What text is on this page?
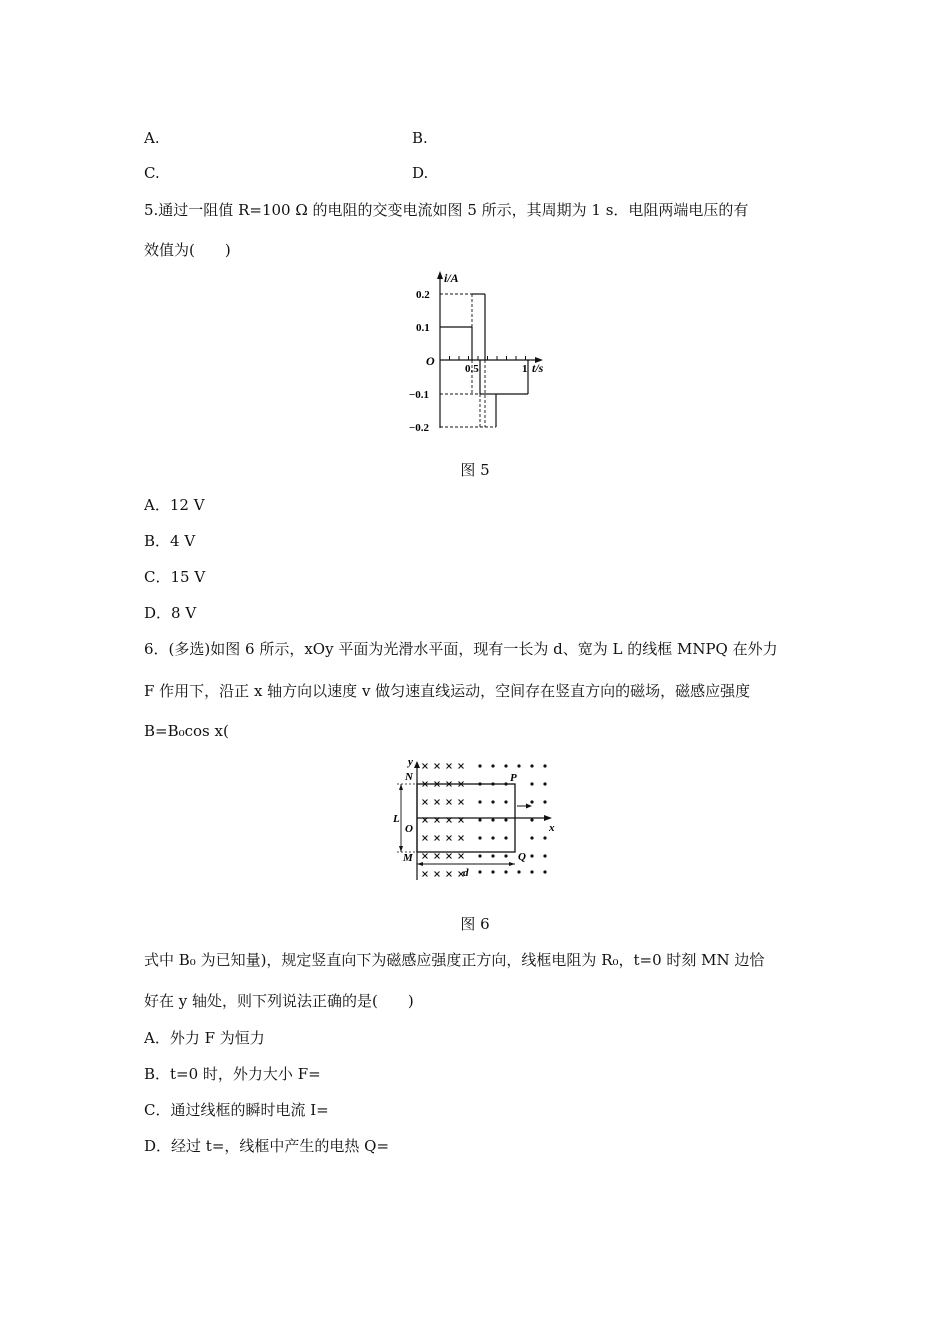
A.	B.
C.	D.
5.通过一阻值 R=100 Ω 的电阻的交变电流如图 5 所示，其周期为 1 s．电阻两端电压的有
效值为(　　)
i/A
t/s
O
0.2
0.1
−0.1
−0.2
0.5	1
图 5
A．12 V
B．4 V
C．15 V
D．8 V
6．(多选)如图 6 所示，xOy 平面为光滑水平面，现有一长为 d、宽为 L 的线框 MNPQ 在外力
F 作用下，沿正 x 轴方向以速度 v 做匀速直线运动，空间存在竖直方向的磁场，磁感应强度
B=B₀cos x(
y
x
O
N
M
P
Q
L
d
图 6
式中 B₀ 为已知量)，规定竖直向下为磁感应强度正方向，线框电阻为 R₀，t=0 时刻 MN 边恰
好在 y 轴处，则下列说法正确的是(　　)
A．外力 F 为恒力
B．t=0 时，外力大小 F=
C．通过线框的瞬时电流 I=
D．经过 t=，线框中产生的电热 Q=
